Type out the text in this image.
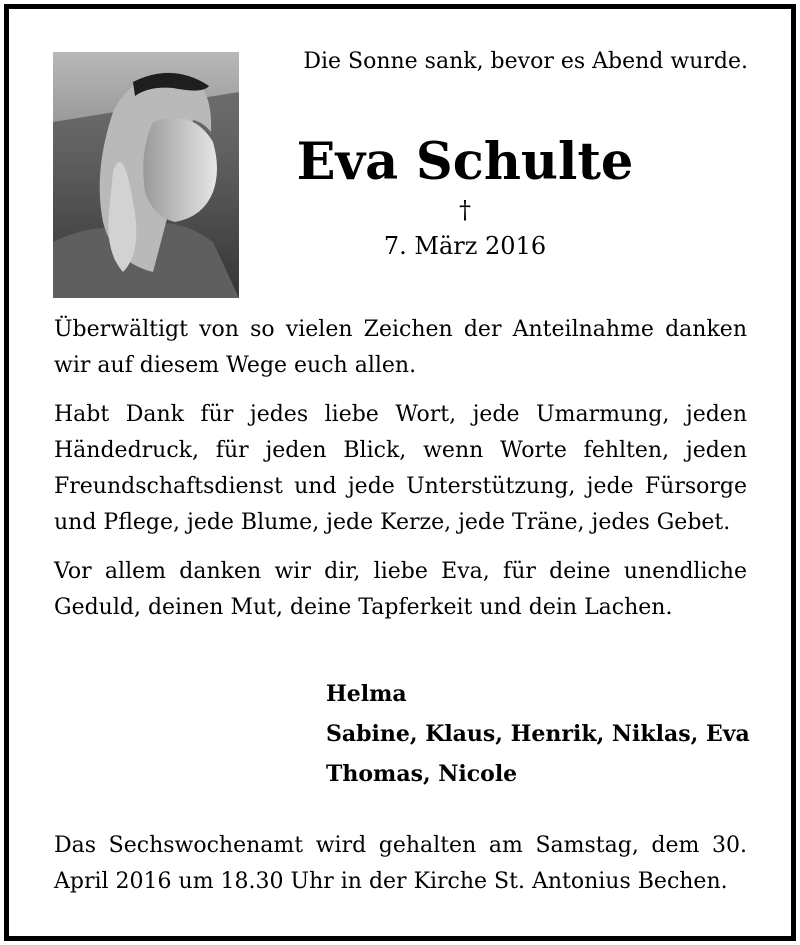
Die Sonne sank, bevor es Abend wurde.
Eva Schulte
†
7. März 2016

Überwältigt von so vielen Zeichen der Anteilnahme danken wir auf diesem Wege euch allen.

Habt Dank für jedes liebe Wort, jede Umarmung, jeden Händedruck, für jeden Blick, wenn Worte fehlten, jeden Freundschaftsdienst und jede Unterstützung, jede Fürsorge und Pflege, jede Blume, jede Kerze, jede Träne, jedes Gebet.

Vor allem danken wir dir, liebe Eva, für deine unendliche Geduld, deinen Mut, deine Tapferkeit und dein Lachen.

Helma
Sabine, Klaus, Henrik, Niklas, Eva
Thomas, Nicole
Das Sechswochenamt wird gehalten am Samstag, dem 30. April 2016 um 18.30 Uhr in der Kirche St. Antonius Bechen.
